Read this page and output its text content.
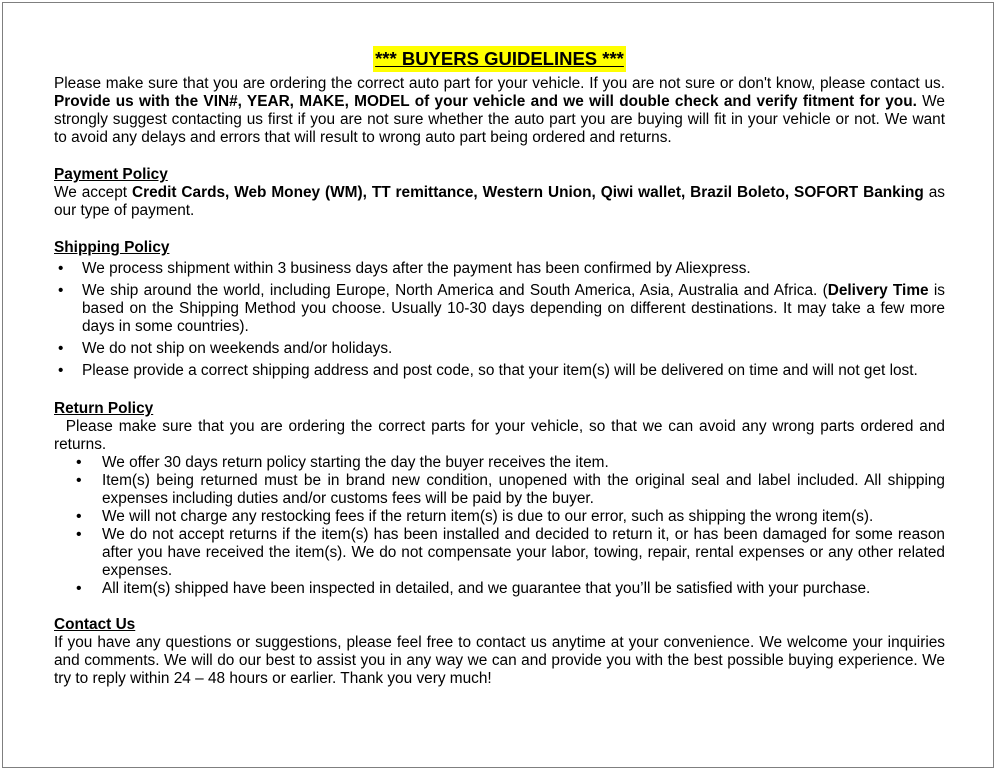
*** BUYERS GUIDELINES ***

Please make sure that you are ordering the correct auto part for your vehicle. If you are not sure or don't know, please contact us. Provide us with the VIN#, YEAR, MAKE, MODEL of your vehicle and we will double check and verify fitment for you. We strongly suggest contacting us first if you are not sure whether the auto part you are buying will fit in your vehicle or not. We want to avoid any delays and errors that will result to wrong auto part being ordered and returns.

Payment Policy

We accept Credit Cards, Web Money (WM), TT remittance, Western Union, Qiwi wallet, Brazil Boleto, SOFORT Banking as our type of payment.

Shipping Policy
• We process shipment within 3 business days after the payment has been confirmed by Aliexpress.
• We ship around the world, including Europe, North America and South America, Asia, Australia and Africa. (Delivery Time is based on the Shipping Method you choose. Usually 10-30 days depending on different destinations. It may take a few more days in some countries).
• We do not ship on weekends and/or holidays.
• Please provide a correct shipping address and post code, so that your item(s) will be delivered on time and will not get lost.
Return Policy

Please make sure that you are ordering the correct parts for your vehicle, so that we can avoid any wrong parts ordered and returns.

• We offer 30 days return policy starting the day the buyer receives the item.
• Item(s) being returned must be in brand new condition, unopened with the original seal and label included. All shipping expenses including duties and/or customs fees will be paid by the buyer.
• We will not charge any restocking fees if the return item(s) is due to our error, such as shipping the wrong item(s).
• We do not accept returns if the item(s) has been installed and decided to return it, or has been damaged for some reason after you have received the item(s). We do not compensate your labor, towing, repair, rental expenses or any other related expenses.
• All item(s) shipped have been inspected in detailed, and we guarantee that you’ll be satisfied with your purchase.
Contact Us

If you have any questions or suggestions, please feel free to contact us anytime at your convenience. We welcome your inquiries and comments. We will do our best to assist you in any way we can and provide you with the best possible buying experience. We try to reply within 24 – 48 hours or earlier. Thank you very much!
